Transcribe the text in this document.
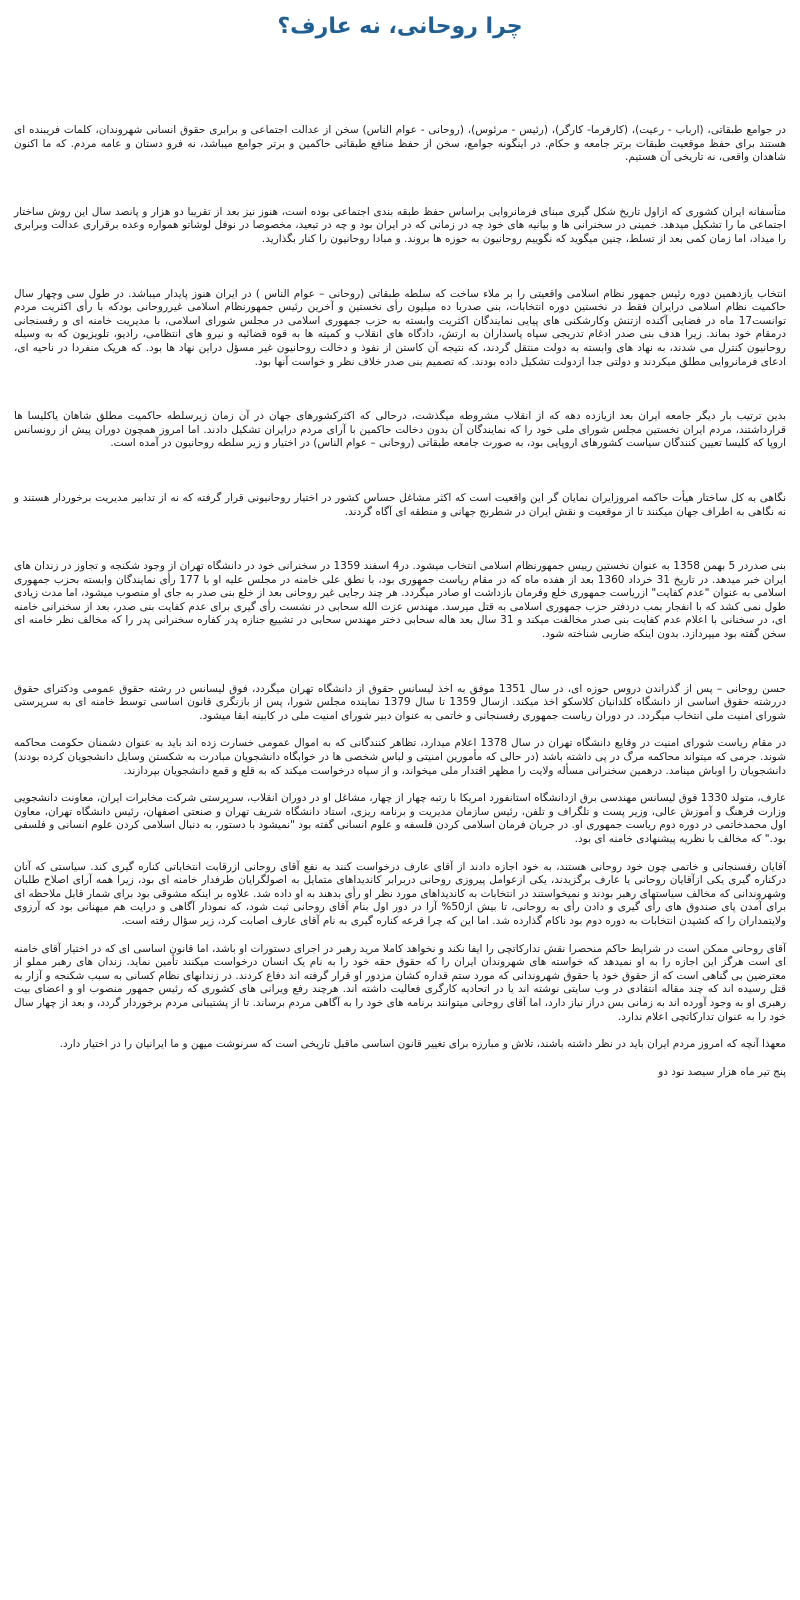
چرا روحانی، نه عارف؟

در جوامع طبقاتی، (ارباب - رعیت)، (کارفرما- کارگر)، (رئیس - مرئوس)، (روحانی - عوام الناس) سخن از عدالت اجتماعی و برابری حقوق انسانی شهروندان، کلمات فریبنده ای هستند برای حفظ موقعیت طبقات برتر جامعه و حکام. در اینگونه جوامع، سخن از حفظ منافع طبقاتی حاکمین و برتر جوامع میباشد، نه فرو دستان و عامه مردم. که ما اکنون شاهدان واقعی، نه تاریخی آن هستیم.

متأسفانه ایران کشوری که ازاول تاریخ شکل گیری مبنای فرمانروایی براساس حفظ طبقه بندی اجتماعی بوده است، هنوز نیز بعد از تقریبا دو هزار و پانصد سال این روش ساختار اجتماعی ما را تشکیل میدهد. خمینی در سخنرانی ها و بیانیه های خود چه در زمانی که در ایران بود و چه در تبعید، مخصوصا در نوفل لوشاتو همواره وعده برقراری عدالت وبرابری را میداد، اما زمان کمی بعد از تسلط، چنین میگوید که نگوییم روحانیون به حوزه ها بروند. و مبادا روحانیون را کنار بگذارید.

انتخاب یازدهمین دوره رئیس جمهور نظام اسلامی واقعیتی را بر ملاء ساخت که سلطه طبقاتی (روحانی – عوام الناس ) در ایران هنوز پایدار میباشد. در طول سی وچهار سال حاکمیت نظام اسلامی درایران فقط در نخستین دوره انتخابات، بنی صدربا ده میلیون رأی نخستین و آخرین رئیس جمهورنظام اسلامی غیرروحانی بودکه با رأی اکثریت مردم توانست17 ماه در فضایی آکنده ازتنش وکارشکنی های پیایی نمایندگان اکثریت وابسته به حزب جمهوری اسلامی در مجلس شورای اسلامی، با مدیریت خامنه ای و رفسنجانی درمقام خود بماند. زیرا هدف بنی صدر ادغام تدریجی سپاه پاسداران به ارتش، دادگاه های انقلاب و کمیته ها به قوه قضائیه و نیرو های انتظامی، رادیو، تلویزیون که به وسیله روحانیون کنترل می شدند، به نهاد های وابسته به دولت منتقل گردند، که نتیجه آن کاستن از نفوذ و دخالت روحانیون غیر مسؤل دراین نهاد ها بود. که هریک منفردا در ناحیه ای، ادعای فرمانروایی مطلق میکردند و دولتی جدا ازدولت تشکیل داده بودند. که تصمیم بنی صدر خلاف نظر و خواست آنها بود.

بدین ترتیب بار دیگر جامعه ایران بعد ازیازده دهه که از انقلاب مشروطه میگذشت، درحالی که اکثرکشورهای جهان در آن زمان زیرسلطه حاکمیت مطلق شاهان یاکلیسا ها قرارداشتند، مردم ایران نخستین مجلس شورای ملی خود را که نمایندگان آن بدون دخالت حاکمین با آرای مردم درایران تشکیل دادند. اما امروز همچون دوران پیش از رونسانس اروپا که کلیسا تعیین کنندگان سیاست کشورهای اروپایی بود، به صورت جامعه طبقاتی (روحانی – عوام الناس) در اختیار و زیر سلطه روحانیون در آمده است.

نگاهی به کل ساختار هیأت حاکمه امروزایران نمایان گر این واقعیت است که اکثر مشاغل حساس کشور در اختیار روحانیونی قرار گرفته که نه از تدابیر مدیریت برخوردار هستند و نه نگاهی به اطراف جهان میکنند تا از موقعیت و نقش ایران در شطرنج جهانی و منطقه ای آگاه گردند.

بنی صدردر 5 بهمن 1358 به عنوان نخستین رییس جمهورنظام اسلامی انتخاب میشود. در4 اسفند 1359 در سخنرانی خود در دانشگاه تهران از وجود شکنجه و تجاوز در زندان های ایران خبر میدهد. در تاریخ 31 خرداد 1360 بعد از هفده ماه که در مقام ریاست جمهوری بود، با نطق علی خامنه در مجلس علیه او با 177 رأی نمایندگان وابسته بحزب جمهوری اسلامی به عنوان "عدم کفایت" ازریاست جمهوری خلع وفرمان بازداشت او صادر میگردد. هر چند رجایی غیر روحانی بعد از خلع بنی صدر به جای او منصوب میشود، اما مدت زیادی طول نمی کشد که با انفجار بمب دردفتر حزب جمهوری اسلامی به قتل میرسد. مهندس عزت الله سحابی در نشست رأی گیری برای عدم کفایت بنی صدر، بعد از سخنرانی خامنه ای، در سخنانی با اعلام عدم کفایت بنی صدر مخالفت میکند و 31 سال بعد هاله سحابی دختر مهندس سحابی در تشییع جنازه پدر کفاره سخنرانی پدر را که مخالف نظر خامنه ای سخن گفته بود میپردازد. بدون اینکه ضاربی شناخته شود.

حسن روحانی – پس از گذراندن دروس حوزه ای، در سال 1351 موفق به اخذ لیسانس حقوق از دانشگاه تهران میگردد، فوق لیسانس در رشته حقوق عمومی ودکترای حقوق دررشته حقوق اساسی از دانشگاه کلدانیان کلاسکو اخذ میکند. ازسال 1359 تا سال 1379 نماینده مجلس شورا، پس از بازنگری قانون اساسی توسط خامنه ای به سرپرستی شورای امنیت ملی انتخاب میگردد. در دوران ریاست جمهوری رفسنجانی و خاتمی به عنوان دبیر شورای امنیت ملی در کابینه ابقا میشود.

در مقام ریاست شورای امنیت در وقایع دانشگاه تهران در سال 1378 اعلام میدارد، تظاهر کنندگانی که به اموال عمومی خسارت زده اند باید به عنوان دشمنان حکومت محاکمه شوند. جرمی که میتواند محاکمه مرگ در پی داشته باشد (در حالی که مأمورین امنیتی و لباس شخصی ها در خوابگاه دانشجویان مبادرت به شکستن وسایل دانشجویان کرده بودند) دانشجویان را اوباش مینامد. درهمین سخنرانی مسأله ولایت را مظهر اقتدار ملی میخواند، و از سپاه درخواست میکند که به قلع و قمع دانشجویان بپردازند.

عارف، متولد 1330 فوق لیسانس مهندسی برق ازدانشگاه استانفورد امریکا با رتبه چهار از چهار، مشاغل او در دوران انقلاب، سرپرستی شرکت مخابرات ایران، معاونت دانشجویی وزارت فرهنگ و آموزش عالی، وزیر پست و تلگراف و تلفن، رئیس سازمان مدیریت و برنامه ریزی، استاد دانشگاه شریف تهران و صنعتی اصفهان، رئیس دانشگاه تهران، معاون اول محمدخاتمی در دوره دوم ریاست جمهوری او. در جریان فرمان اسلامی کردن فلسفه و علوم انسانی گفته بود "نمیشود با دستور، به دنبال اسلامی کردن علوم انسانی و فلسفی بود." که مخالف با نظریه پیشنهادی خامنه ای بود.

آقایان رفسنجانی و خاتمی چون خود روحانی هستند، به خود اجازه دادند از آقای عارف درخواست کنند به نفع آقای روحانی ازرقابت انتخاباتی کناره گیری کند. سیاستی که آنان درکناره گیری یکی ازآقایان روحانی یا عارف برگزیدند، یکی ازعوامل پیروزی روحانی دربرابر کاندیداهای متمایل به اصولگرایان طرفدار خامنه ای بود، زیرا همه آرای اصلاح طلبان وشهروندانی که مخالف سیاستهای رهبر بودند و نمیخواستند در انتخابات به کاندیداهای مورد نظر او رأی بدهند به او داده شد. علاوه بر اینکه مشوقی بود برای شمار قابل ملاحظه ای برای آمدن پای صندوق های رأی گیری و دادن رأی به روحانی، تا بیش از50% آرا در دور اول بنام آقای روحانی ثبت شود، که نمودار آگاهی و درایت هم میهنانی بود که آرزوی ولایتمداران را که کشیدن انتخابات به دوره دوم بود ناکام گذارده شد. اما این که چرا قرعه کناره گیری به نام آقای عارف اصابت کرد، زیر سؤال رفته است.

آقای روحانی ممکن است در شرایط حاکم منحصرا نقش تدارکاتچی را ایفا نکند و نخواهد کاملا مرید رهبر در اجرای دستورات او باشد، اما قانون اساسی ای که در اختیار آقای خامنه ای است هرگز این اجازه را به او نمیدهد که خواسته های شهروندان ایران را که حقوق حقه خود را به نام یک انسان درخواست میکنند تأمین نماید. زندان های رهبر مملو از معترضین بی گناهی است که از حقوق خود یا حقوق شهروندانی که مورد ستم قداره کشان مزدور او قرار گرفته اند دفاع کردند. در زندانهای نظام کسانی به سبب شکنجه و آزار به قتل رسیده اند که چند مقاله انتقادی در وب سایتی نوشته اند یا در اتحادیه کارگری فعالیت داشته اند. هرچند رفع ویرانی های کشوری که رئیس جمهور منصوب او و اعضای بیت رهبری او به وجود آورده اند به زمانی بس دراز نیاز دارد، اما آقای روحانی میتوانند برنامه های خود را به آگاهی مردم برساند. تا از پشتیبانی مردم برخوردار گردد، و بعد از چهار سال خود را به عنوان تدارکاتچی اعلام ندارد.

معهذا آنچه که امروز مردم ایران باید در نظر داشته باشند، تلاش و مبارزه برای تغییر قانون اساسی ماقبل تاریخی است که سرنوشت میهن و ما ایرانیان را در اختیار دارد.

پنج تیر ماه هزار سیصد نود دو
